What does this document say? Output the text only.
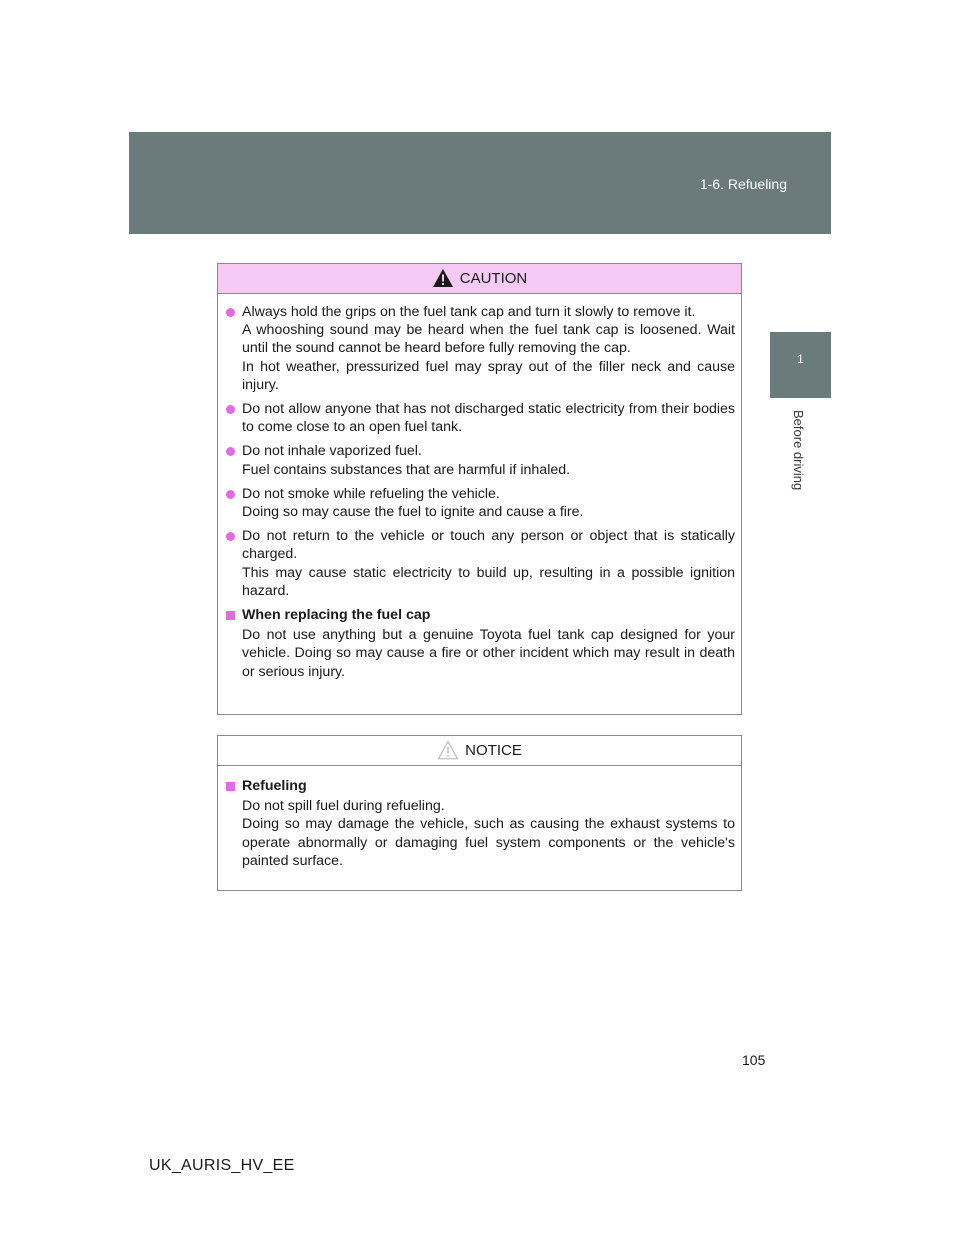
1-6. Refueling
1
Before driving
CAUTION

Always hold the grips on the fuel tank cap and turn it slowly to remove it.

A whooshing sound may be heard when the fuel tank cap is loosened. Wait until the sound cannot be heard before fully removing the cap.

In hot weather, pressurized fuel may spray out of the filler neck and cause injury.

Do not allow anyone that has not discharged static electricity from their bodies to come close to an open fuel tank.

Do not inhale vaporized fuel.

Fuel contains substances that are harmful if inhaled.

Do not smoke while refueling the vehicle.

Doing so may cause the fuel to ignite and cause a fire.

Do not return to the vehicle or touch any person or object that is statically charged.

This may cause static electricity to build up, resulting in a possible ignition hazard.

When replacing the fuel cap

Do not use anything but a genuine Toyota fuel tank cap designed for your vehicle. Doing so may cause a fire or other incident which may result in death or serious injury.

NOTICE

Refueling

Do not spill fuel during refueling.

Doing so may damage the vehicle, such as causing the exhaust systems to operate abnormally or damaging fuel system components or the vehicle's painted surface.

105
UK_AURIS_HV_EE
